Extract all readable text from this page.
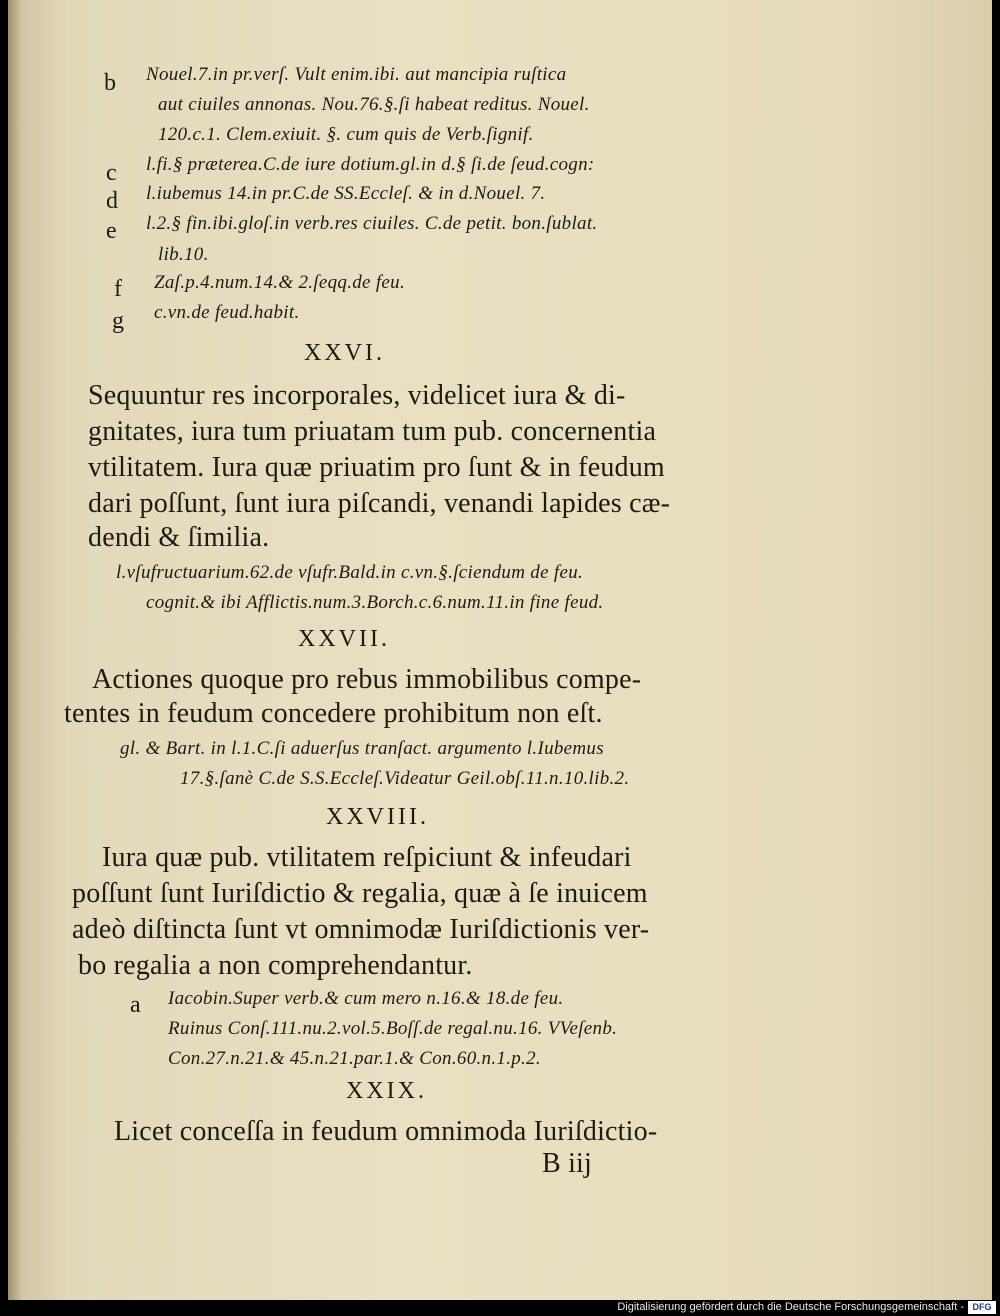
b Nouel.7.in pr.verſ. Vult enim.ibi. aut mancipia ruſtica
aut ciuiles annonas. Nou.76.§.ſi habeat reditus. Nouel.
120.c.1. Clem.exiuit. §. cum quis de Verb.ſignif.
c l.fi.§ præterea.C.de iure dotium.gl.in d.§ ſi.de ſeud.cogn:
d l.iubemus 14.in pr.C.de SS.Eccleſ. & in d.Nouel. 7.
e l.2.§ fin.ibi.gloſ.in verb.res ciuiles. C.de petit. bon.ſublat.
lib.10.
f Zaſ.p.4.num.14.& 2.ſeqq.de feu.
g c.vn.de feud.habit.
XXVI.
Sequuntur res incorporales, videlicet iura & di-
gnitates, iura tum priuatam tum pub. concernentia
vtilitatem. Iura quæ priuatim pro ſunt & in feudum
dari poſſunt, ſunt iura piſcandi, venandi lapides cæ-
dendi & ſimilia.
l.vſufructuarium.62.de vſufr.Bald.in c.vn.§.ſciendum de feu.
cognit.& ibi Afflictis.num.3.Borch.c.6.num.11.in fine feud.
XXVII.
Actiones quoque pro rebus immobilibus compe-
tentes in feudum concedere prohibitum non eſt.
gl. & Bart. in l.1.C.ſi aduerſus tranſact. argumento l.Iubemus
17.§.ſanè C.de S.S.Eccleſ.Videatur Geil.obſ.11.n.10.lib.2.
XXVIII.
Iura quæ pub. vtilitatem reſpiciunt & infeudari
poſſunt ſunt Iuriſdictio & regalia, quæ à ſe inuicem
adeò diſtincta ſunt vt omnimodæ Iuriſdictionis ver-
bo regalia a non comprehendantur.
a Iacobin.Super verb.& cum mero n.16.& 18.de feu.
Ruinus Conſ.111.nu.2.vol.5.Boſſ.de regal.nu.16. VVeſenb.
Con.27.n.21.& 45.n.21.par.1.& Con.60.n.1.p.2.
XXIX.
Licet conceſſa in feudum omnimoda Iuriſdictio-
B iij
Digitalisierung gefördert durch die Deutsche Forschungsgemeinschaft - DFG
